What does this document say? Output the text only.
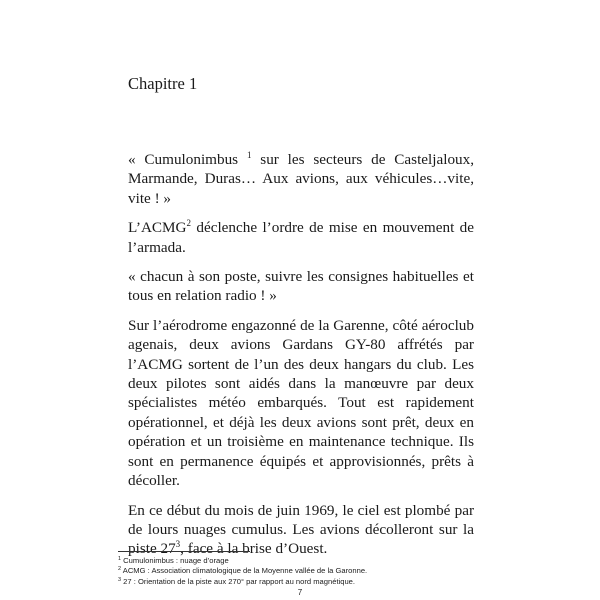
Chapitre 1

« Cumulonimbus $^1$ sur les secteurs de Casteljaloux, Marmande, Duras… Aux avions, aux véhicules…vite, vite ! »

L’ACMG$^2$ déclenche l’ordre de mise en mouvement de l’armada.

« chacun à son poste, suivre les consignes habituelles et tous en relation radio ! »

Sur l’aérodrome engazonné de la Garenne, côté aéroclub agenais, deux avions Gardans GY-80 affrétés par l’ACMG sortent de l’un des deux hangars du club. Les deux pilotes sont aidés dans la manœuvre par deux spécialistes météo embarqués. Tout est rapidement opérationnel, et déjà les deux avions sont prêt, deux en opération et un troisième en maintenance technique. Ils sont en permanence équipés et approvisionnés, prêts à décoller.

En ce début du mois de juin 1969, le ciel est plombé par de lours nuages cumulus. Les avions décolleront sur la piste $27^3$, face à la brise d’Ouest.

$^1$ Cumulonimbus : nuage d’orage
$^2$ ACMG : Association climatologique de la Moyenne vallée de la Garonne.
$^3$ 27 : Orientation de la piste aux 270° par rapport au nord magnétique.
7
